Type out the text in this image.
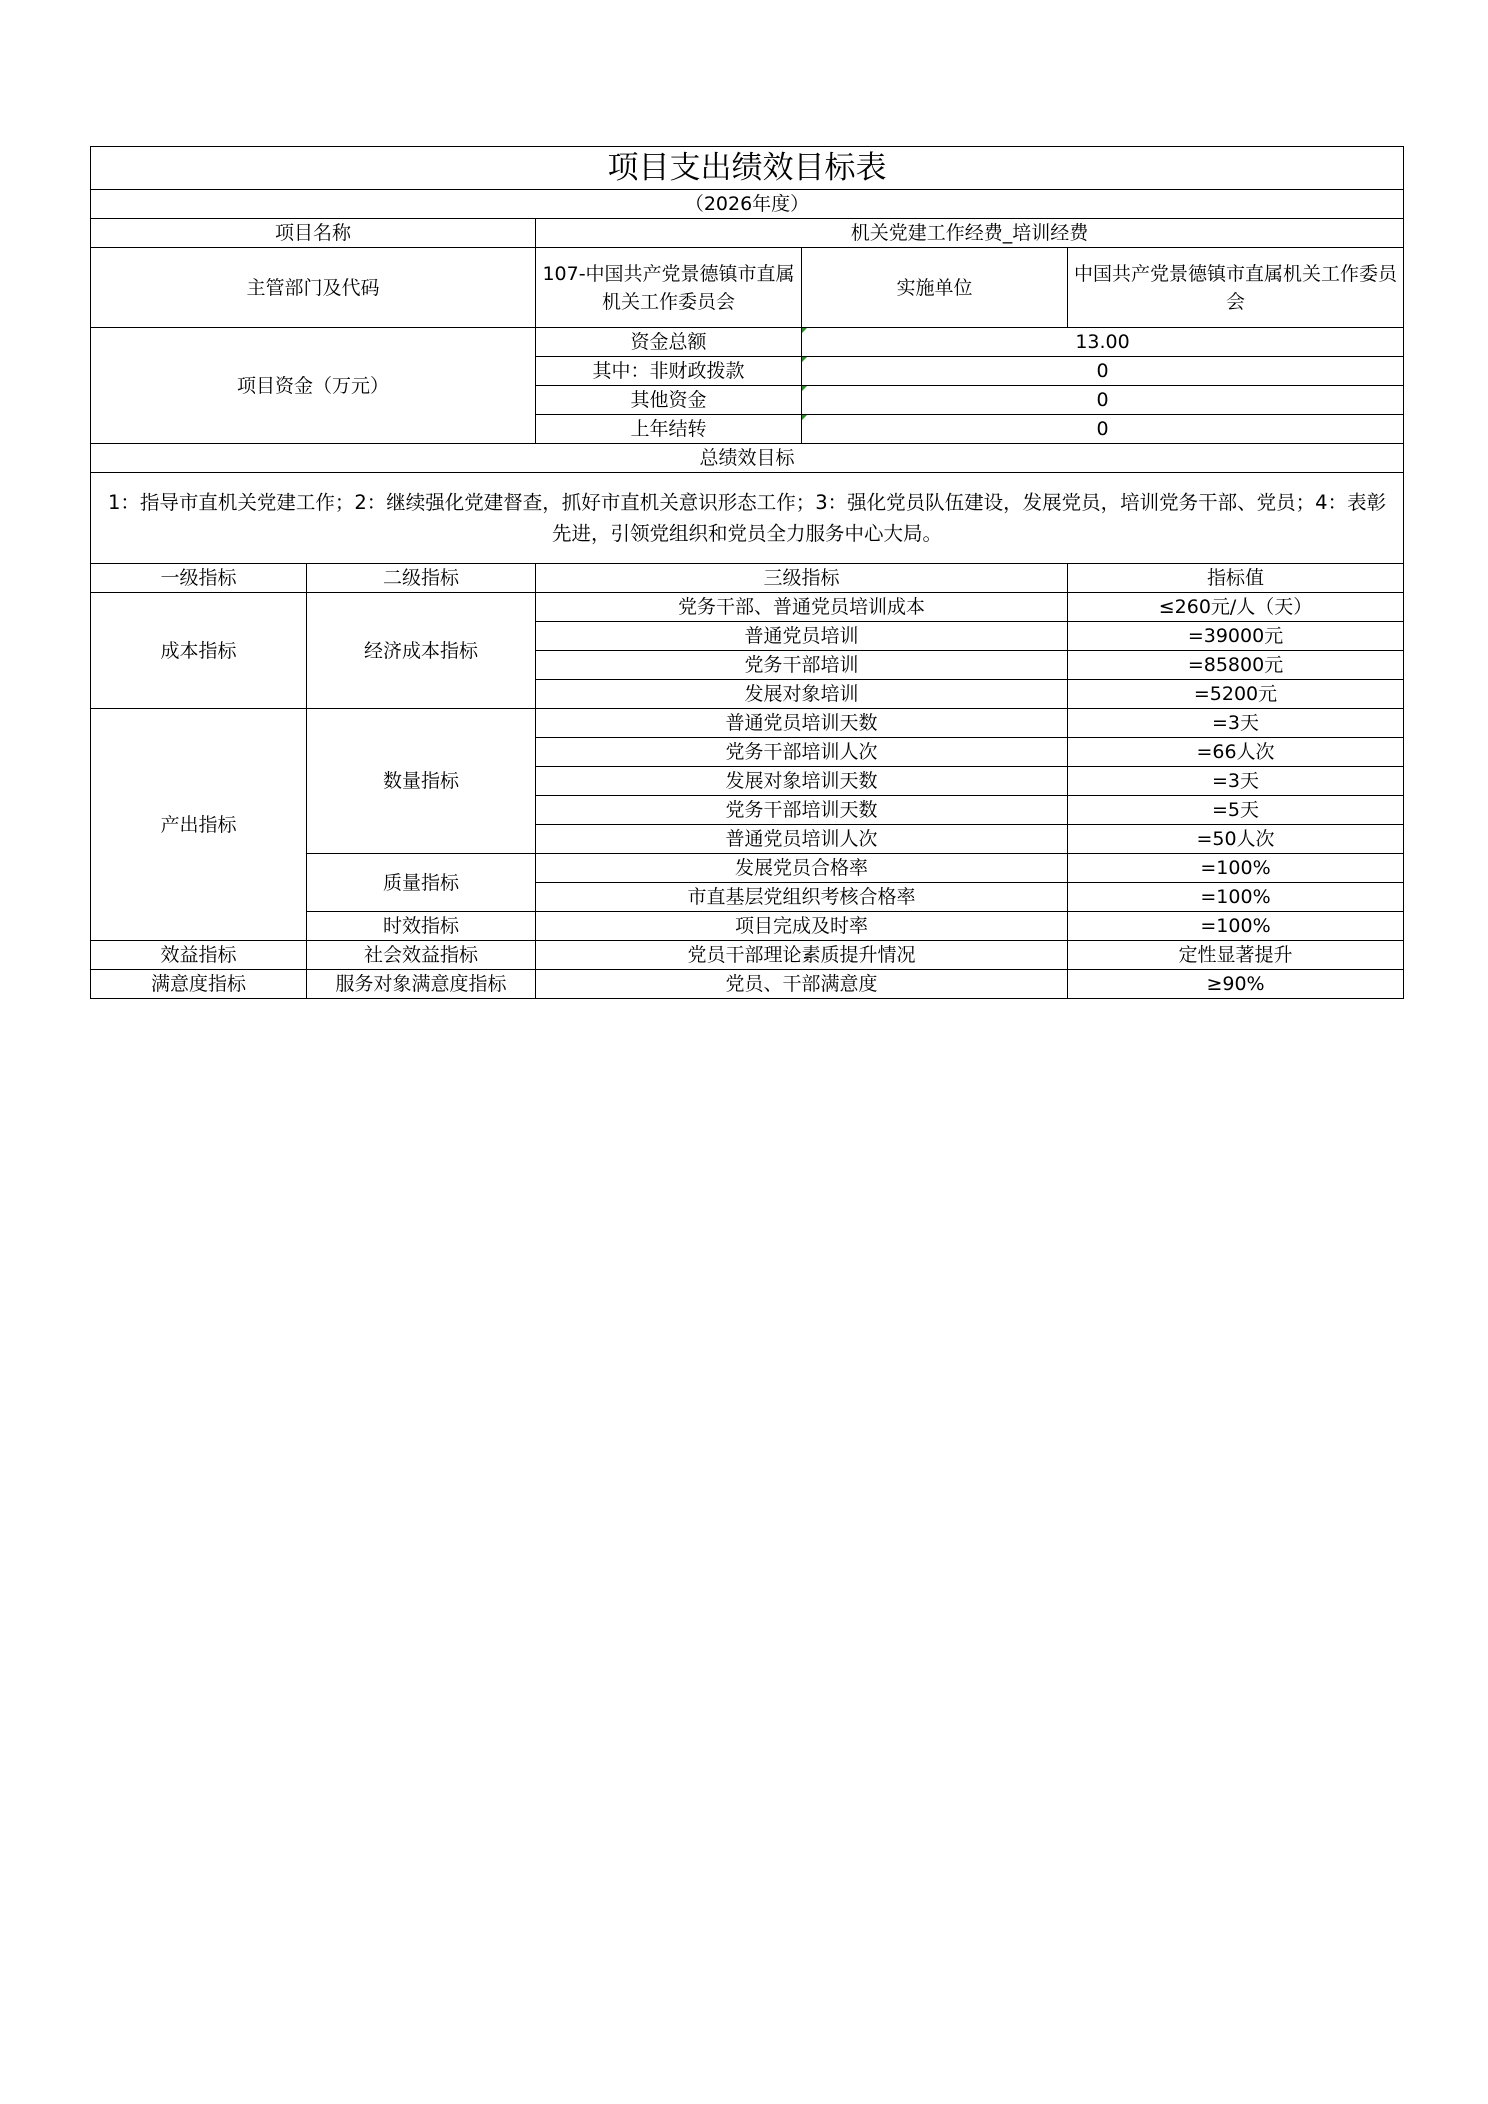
项目支出绩效目标表				
（2026年度）				
项目名称		机关党建工作经费_培训经费		
主管部门及代码		107-中国共产党景德镇市直属机关工作委员会	实施单位	中国共产党景德镇市直属机关工作委员会
项目资金（万元）		资金总额	13.00	
		其中：非财政拨款	0	
		其他资金	0	
		上年结转	0	
总绩效目标				
1：指导市直机关党建工作；2：继续强化党建督查，抓好市直机关意识形态工作；3：强化党员队伍建设，发展党员，培训党务干部、党员；4：表彰先进，引领党组织和党员全力服务中心大局。				
一级指标	二级指标	三级指标		指标值
成本指标	经济成本指标	党务干部、普通党员培训成本		≤260元/人（天）
		普通党员培训		=39000元
		党务干部培训		=85800元
		发展对象培训		=5200元
产出指标	数量指标	普通党员培训天数		=3天
		党务干部培训人次		=66人次
		发展对象培训天数		=3天
		党务干部培训天数		=5天
		普通党员培训人次		=50人次
	质量指标	发展党员合格率		=100%
		市直基层党组织考核合格率		=100%
	时效指标	项目完成及时率		=100%
效益指标	社会效益指标	党员干部理论素质提升情况		定性显著提升
满意度指标	服务对象满意度指标	党员、干部满意度		≥90%
